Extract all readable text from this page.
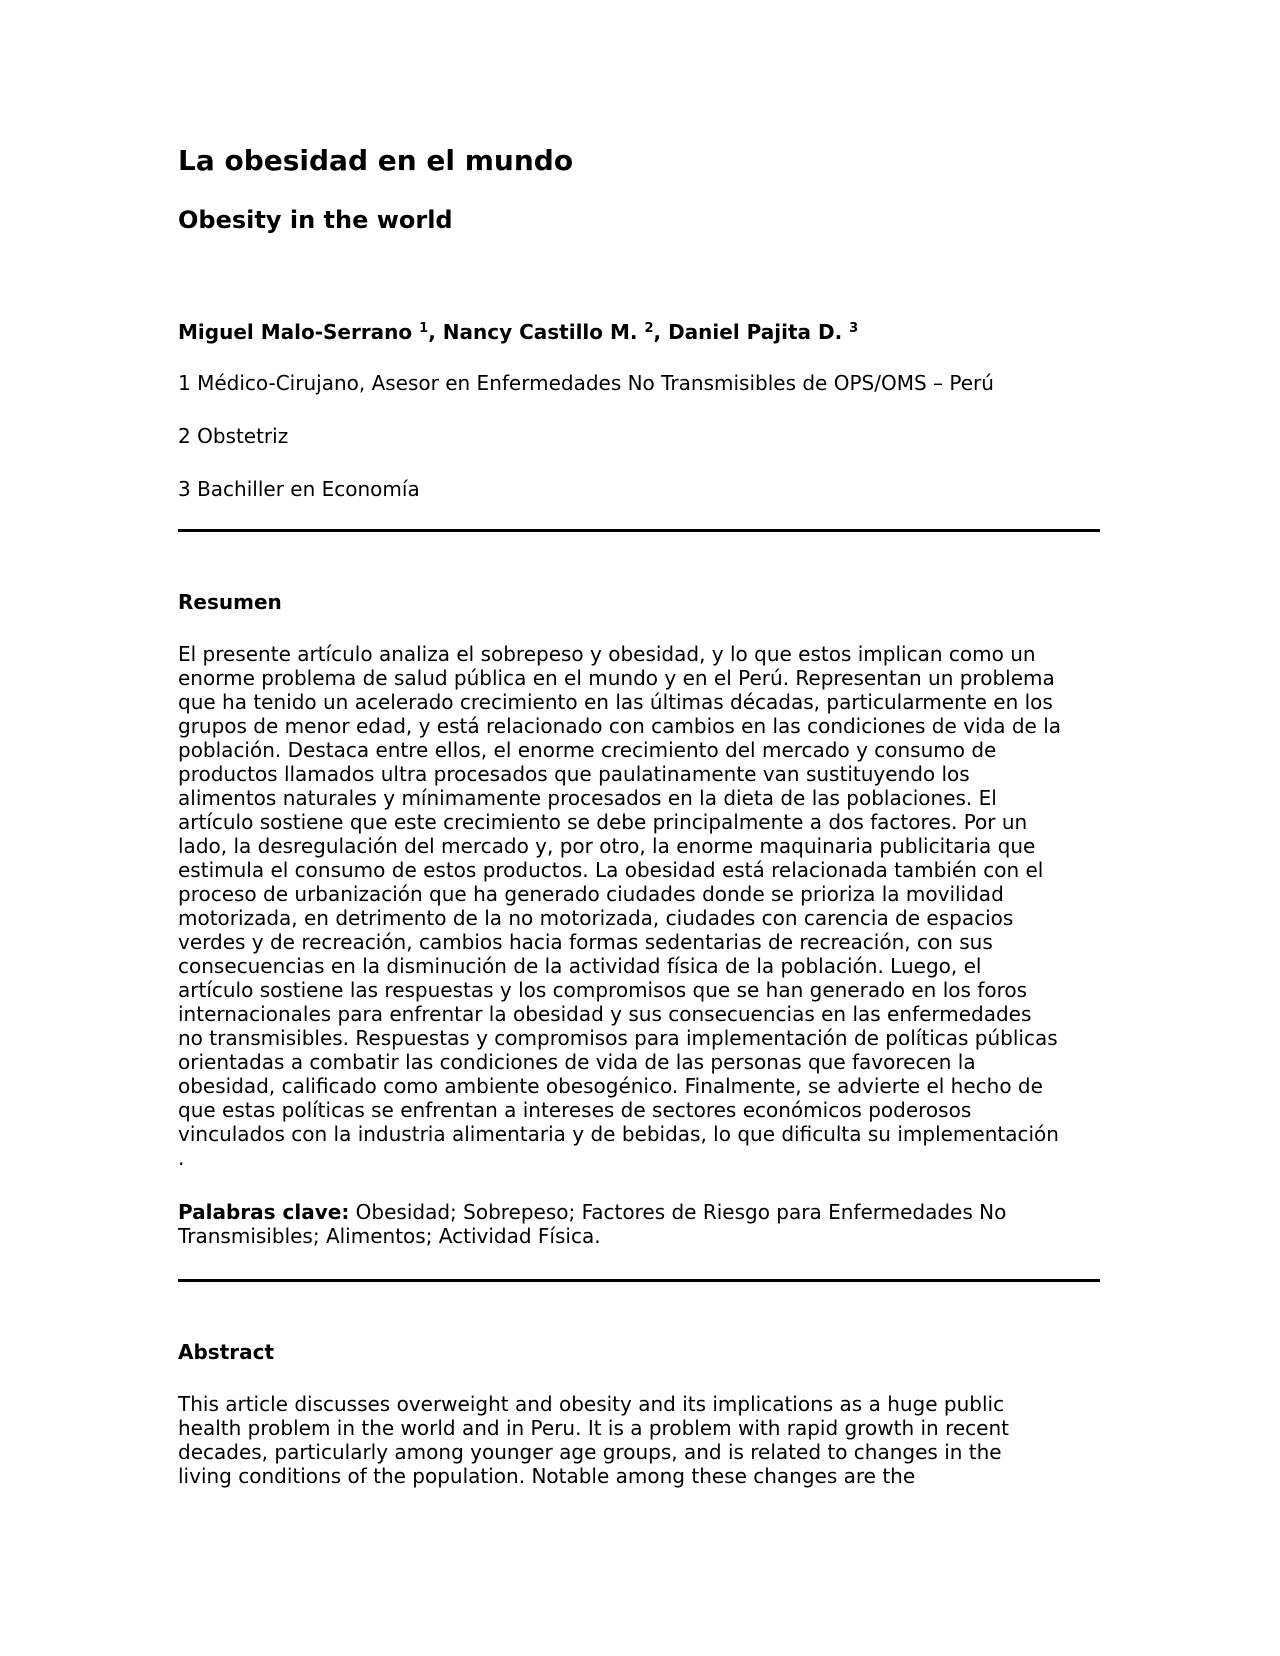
La obesidad en el mundo
Obesity in the world
Miguel Malo-Serrano $^1$, Nancy Castillo M. $^2$, Daniel Pajita D. $^3$
1 Médico-Cirujano, Asesor en Enfermedades No Transmisibles de OPS/OMS – Perú
2 Obstetriz
3 Bachiller en Economía
Resumen
El presente artículo analiza el sobrepeso y obesidad, y lo que estos implican como un
enorme problema de salud pública en el mundo y en el Perú. Representan un problema
que ha tenido un acelerado crecimiento en las últimas décadas, particularmente en los
grupos de menor edad, y está relacionado con cambios en las condiciones de vida de la
población. Destaca entre ellos, el enorme crecimiento del mercado y consumo de
productos llamados ultra procesados que paulatinamente van sustituyendo los
alimentos naturales y mínimamente procesados en la dieta de las poblaciones. El
artículo sostiene que este crecimiento se debe principalmente a dos factores. Por un
lado, la desregulación del mercado y, por otro, la enorme maquinaria publicitaria que
estimula el consumo de estos productos. La obesidad está relacionada también con el
proceso de urbanización que ha generado ciudades donde se prioriza la movilidad
motorizada, en detrimento de la no motorizada, ciudades con carencia de espacios
verdes y de recreación, cambios hacia formas sedentarias de recreación, con sus
consecuencias en la disminución de la actividad física de la población. Luego, el
artículo sostiene las respuestas y los compromisos que se han generado en los foros
internacionales para enfrentar la obesidad y sus consecuencias en las enfermedades
no transmisibles. Respuestas y compromisos para implementación de políticas públicas
orientadas a combatir las condiciones de vida de las personas que favorecen la
obesidad, calificado como ambiente obesogénico. Finalmente, se advierte el hecho de
que estas políticas se enfrentan a intereses de sectores económicos poderosos
vinculados con la industria alimentaria y de bebidas, lo que dificulta su implementación
.
Palabras clave: Obesidad; Sobrepeso; Factores de Riesgo para Enfermedades No
Transmisibles; Alimentos; Actividad Física.
Abstract
This article discusses overweight and obesity and its implications as a huge public
health problem in the world and in Peru. It is a problem with rapid growth in recent
decades, particularly among younger age groups, and is related to changes in the
living conditions of the population. Notable among these changes are the
